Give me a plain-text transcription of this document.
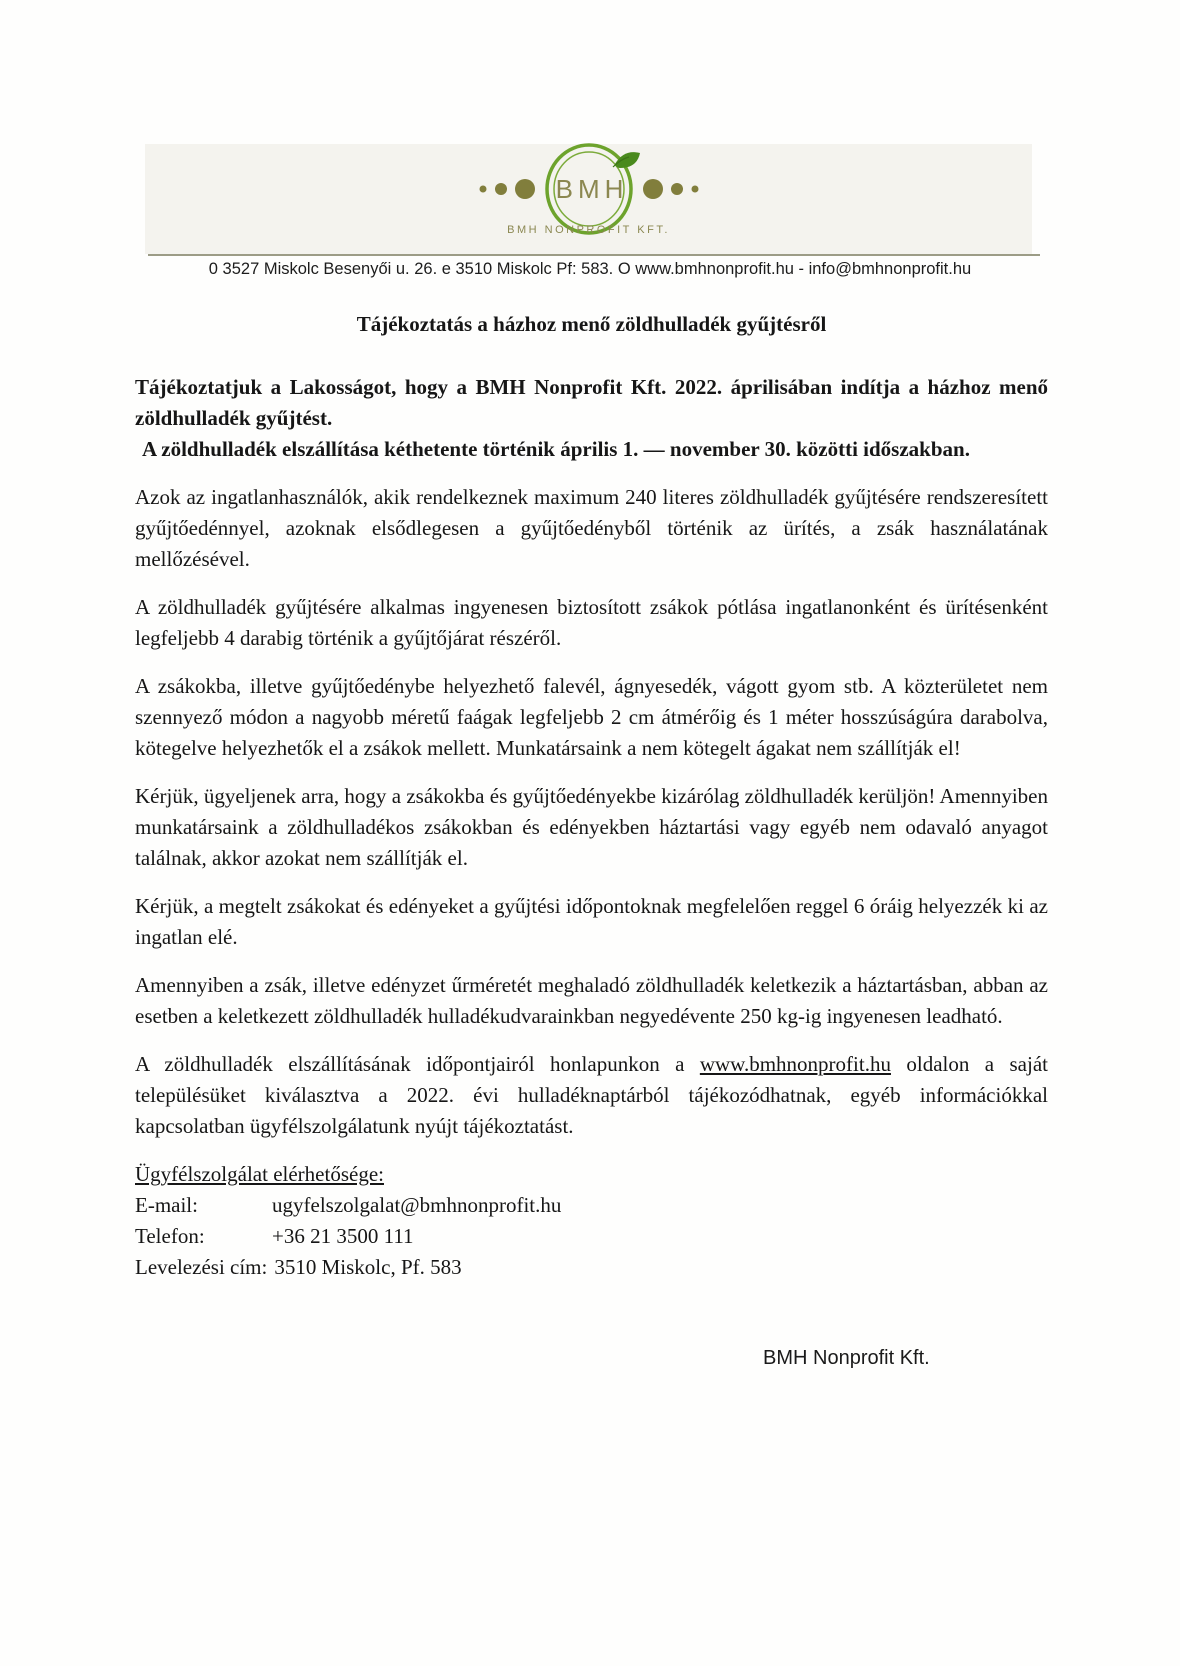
BMH
BMH NONPROFIT KFT.
0 3527 Miskolc Besenyői u. 26. e 3510 Miskolc Pf: 583. O www.bmhnonprofit.hu - info@bmhnonprofit.hu
Tájékoztatás a házhoz menő zöldhulladék gyűjtésről

Tájékoztatjuk a Lakosságot, hogy a BMH Nonprofit Kft. 2022. áprilisában indítja a házhoz menő zöldhulladék gyűjtést.

A zöldhulladék elszállítása kéthetente történik április 1. — november 30. közötti időszakban.

Azok az ingatlanhasználók, akik rendelkeznek maximum 240 literes zöldhulladék gyűjtésére rendszeresített gyűjtőedénnyel, azoknak elsődlegesen a gyűjtőedényből történik az ürítés, a zsák használatának mellőzésével.

A zöldhulladék gyűjtésére alkalmas ingyenesen biztosított zsákok pótlása ingatlanonként és ürítésenként legfeljebb 4 darabig történik a gyűjtőjárat részéről.

A zsákokba, illetve gyűjtőedénybe helyezhető falevél, ágnyesedék, vágott gyom stb. A közterületet nem szennyező módon a nagyobb méretű faágak legfeljebb 2 cm átmérőig és 1 méter hosszúságúra darabolva, kötegelve helyezhetők el a zsákok mellett. Munkatársaink a nem kötegelt ágakat nem szállítják el!

Kérjük, ügyeljenek arra, hogy a zsákokba és gyűjtőedényekbe kizárólag zöldhulladék kerüljön! Amennyiben munkatársaink a zöldhulladékos zsákokban és edényekben háztartási vagy egyéb nem odavaló anyagot találnak, akkor azokat nem szállítják el.

Kérjük, a megtelt zsákokat és edényeket a gyűjtési időpontoknak megfelelően reggel 6 óráig helyezzék ki az ingatlan elé.

Amennyiben a zsák, illetve edényzet űrméretét meghaladó zöldhulladék keletkezik a háztartásban, abban az esetben a keletkezett zöldhulladék hulladékudvarainkban negyedévente 250 kg-ig ingyenesen leadható.

A zöldhulladék elszállításának időpontjairól honlapunkon a www.bmhnonprofit.hu oldalon a saját településüket kiválasztva a 2022. évi hulladéknaptárból tájékozódhatnak, egyéb információkkal kapcsolatban ügyfélszolgálatunk nyújt tájékoztatást.

Ügyfélszolgálat elérhetősége:
E-mail:	ugyfelszolgalat@bmhnonprofit.hu
Telefon:	+36 21 3500 111
Levelezési cím: 3510 Miskolc, Pf. 583
BMH Nonprofit Kft.
